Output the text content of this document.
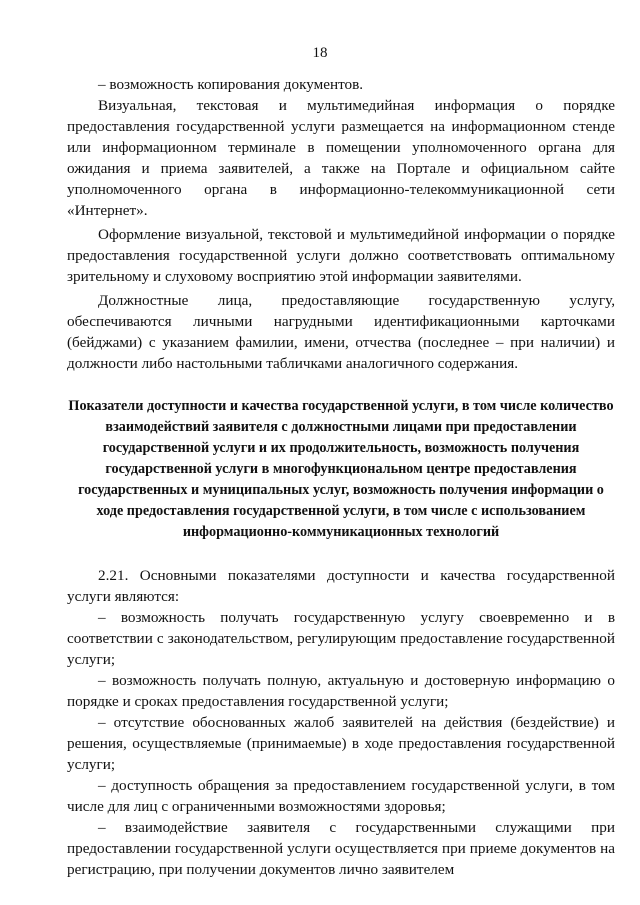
18

– возможность копирования документов.

Визуальная, текстовая и мультимедийная информация о порядке предоставления государственной услуги размещается на информационном стенде или информационном терминале в помещении уполномоченного органа для ожидания и приема заявителей, а также на Портале и официальном сайте уполномоченного органа в информационно-телекоммуникационной сети «Интернет».

Оформление визуальной, текстовой и мультимедийной информации о порядке предоставления государственной услуги должно соответствовать оптимальному зрительному и слуховому восприятию этой информации заявителями.

Должностные лица, предоставляющие государственную услугу, обеспечиваются личными нагрудными идентификационными карточками (бейджами) с указанием фамилии, имени, отчества (последнее – при наличии) и должности либо настольными табличками аналогичного содержания.

Показатели доступности и качества государственной услуги, в том числе количество взаимодействий заявителя с должностными лицами при предоставлении государственной услуги и их продолжительность, возможность получения государственной услуги в многофункциональном центре предоставления государственных и муниципальных услуг, возможность получения информации о ходе предоставления государственной услуги, в том числе с использованием информационно-коммуникационных технологий

2.21. Основными показателями доступности и качества государственной услуги являются:

– возможность получать государственную услугу своевременно и в соответствии с законодательством, регулирующим предоставление государственной услуги;

– возможность получать полную, актуальную и достоверную информацию о порядке и сроках предоставления государственной услуги;

– отсутствие обоснованных жалоб заявителей на действия (бездействие) и решения, осуществляемые (принимаемые) в ходе предоставления государственной услуги;

– доступность обращения за предоставлением государственной услуги, в том числе для лиц с ограниченными возможностями здоровья;

– взаимодействие заявителя с государственными служащими при предоставлении государственной услуги осуществляется при приеме документов на регистрацию, при получении документов лично заявителем
